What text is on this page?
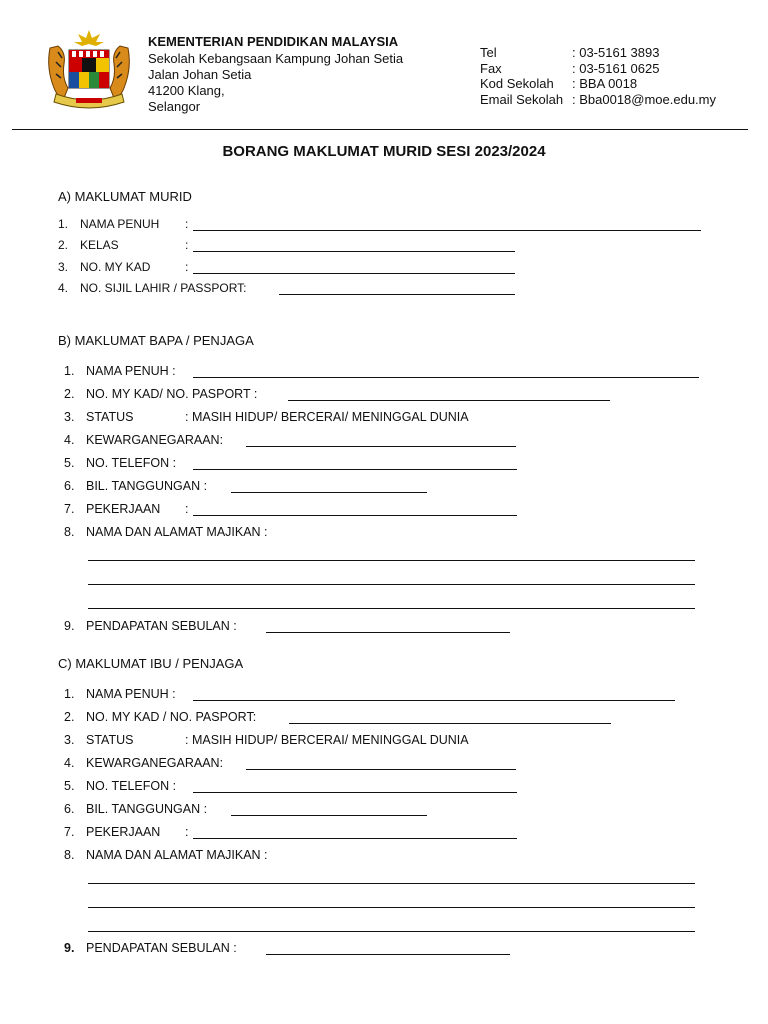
KEMENTERIAN PENDIDIKAN MALAYSIA
Sekolah Kebangsaan Kampung Johan Setia
Jalan Johan Setia
41200 Klang,
Selangor
Tel	: 03-5161 3893
Fax	: 03-5161 0625
Kod Sekolah : BBA 0018
Email Sekolah : Bba0018@moe.edu.my
BORANG MAKLUMAT MURID SESI 2023/2024
A) MAKLUMAT MURID
1. NAMA PENUH :
2. KELAS	:
3. NO. MY KAD	:
4. NO. SIJIL LAHIR / PASSPORT:
B) MAKLUMAT BAPA / PENJAGA
1. NAMA PENUH :
2. NO. MY KAD/ NO. PASPORT :
3. STATUS	: MASIH HIDUP/ BERCERAI/ MENINGGAL DUNIA
4. KEWARGANEGARAAN:
5. NO. TELEFON :
6. BIL. TANGGUNGAN :
7. PEKERJAAN :
8. NAMA DAN ALAMAT MAJIKAN :
9. PENDAPATAN SEBULAN :
C) MAKLUMAT IBU / PENJAGA
1. NAMA PENUH :
2. NO. MY KAD / NO. PASPORT:
3. STATUS	: MASIH HIDUP/ BERCERAI/ MENINGGAL DUNIA
4. KEWARGANEGARAAN:
5. NO. TELEFON :
6. BIL. TANGGUNGAN :
7. PEKERJAAN :
8. NAMA DAN ALAMAT MAJIKAN :
9. PENDAPATAN SEBULAN :
